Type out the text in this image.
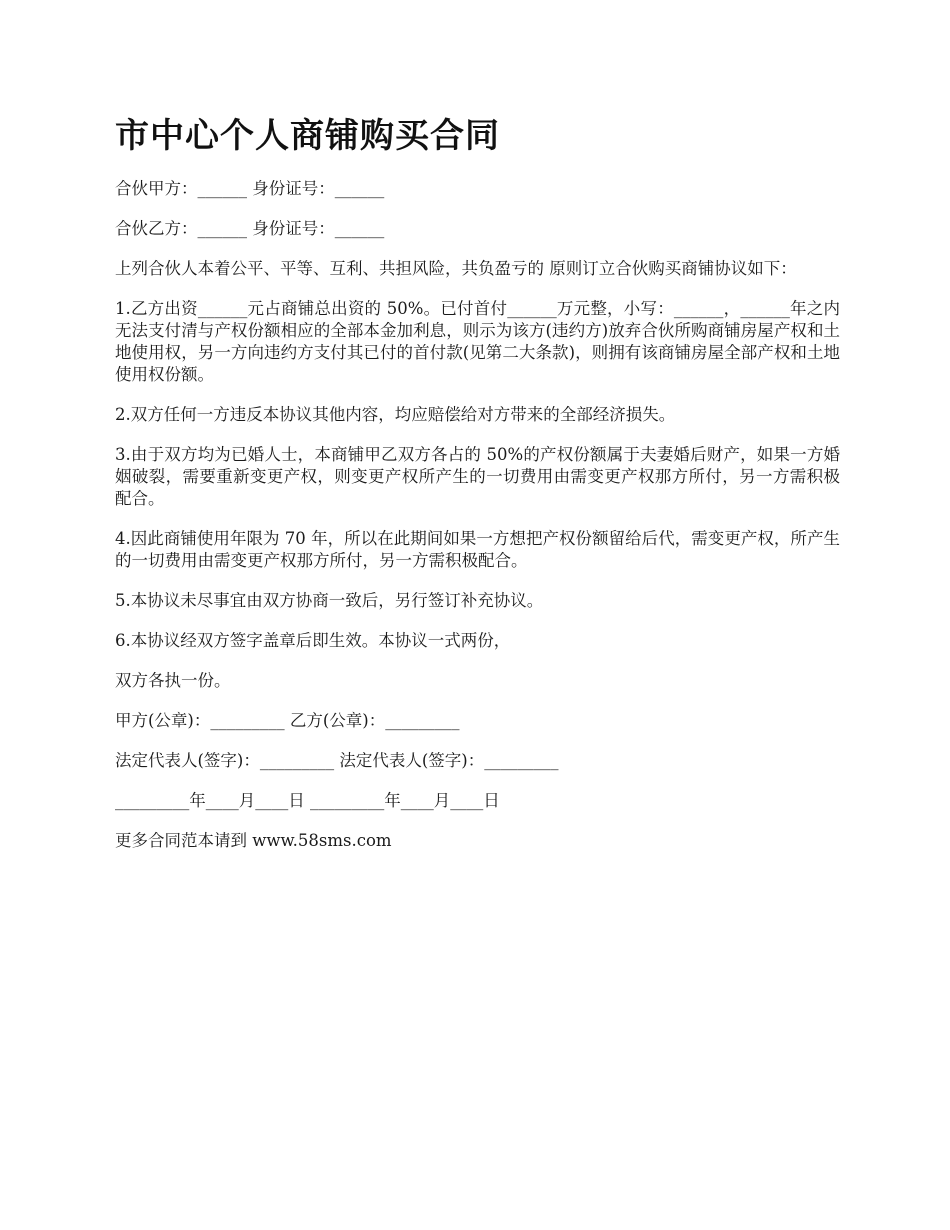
市中心个人商铺购买合同

合伙甲方：______ 身份证号：______

合伙乙方：______ 身份证号：______

上列合伙人本着公平、平等、互利、共担风险，共负盈亏的 原则订立合伙购买商铺协议如下：

1.乙方出资______元占商铺总出资的 50%。已付首付______万元整，小写：______，______年之内无法支付清与产权份额相应的全部本金加利息，则示为该方(违约方)放弃合伙所购商铺房屋产权和土地使用权，另一方向违约方支付其已付的首付款(见第二大条款)，则拥有该商铺房屋全部产权和土地使用权份额。

2.双方任何一方违反本协议其他内容，均应赔偿给对方带来的全部经济损失。

3.由于双方均为已婚人士，本商铺甲乙双方各占的 50%的产权份额属于夫妻婚后财产，如果一方婚姻破裂，需要重新变更产权，则变更产权所产生的一切费用由需变更产权那方所付，另一方需积极配合。

4.因此商铺使用年限为 70 年，所以在此期间如果一方想把产权份额留给后代，需变更产权，所产生的一切费用由需变更产权那方所付，另一方需积极配合。

5.本协议未尽事宜由双方协商一致后，另行签订补充协议。

6.本协议经双方签字盖章后即生效。本协议一式两份，

双方各执一份。

甲方(公章)：_________ 乙方(公章)：_________

法定代表人(签字)：_________ 法定代表人(签字)：_________

_________年____月____日 _________年____月____日

更多合同范本请到 www.58sms.com
